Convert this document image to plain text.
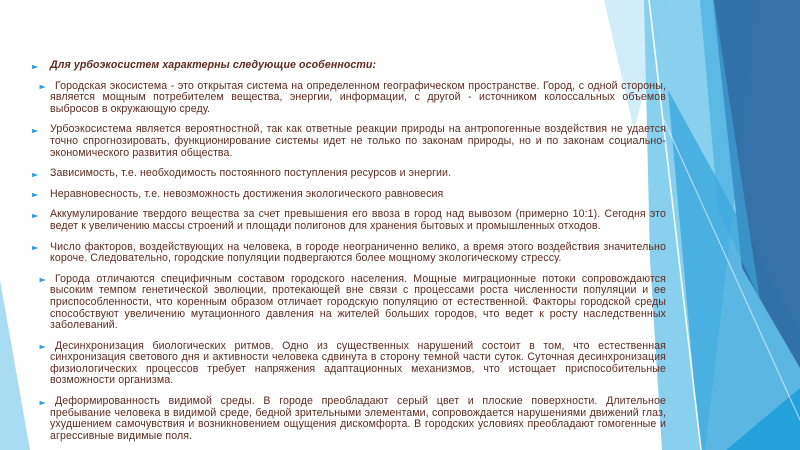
► Для урбоэкосистем характерны следующие особенности:
► Городская экосистема - это открытая система на определенном географическом пространстве. Город, с одной стороны, является мощным потребителем вещества, энергии, информации, с другой - источником колоссальных объемов выбросов в окружающую среду.
► Урбоэкосистема является вероятностной, так как ответные реакции природы на антропогенные воздействия не удается точно спрогнозировать, функционирование системы идет не только по законам природы, но и по законам социально-экономического развития общества.
► Зависимость, т.е. необходимость постоянного поступления ресурсов и энергии.
► Неравновесность, т.е. невозможность достижения экологического равновесия
► Аккумулирование твердого вещества за счет превышения его ввоза в город над вывозом (примерно 10:1). Сегодня это ведет к увеличению массы строений и площади полигонов для хранения бытовых и промышленных отходов.
► Число факторов, воздействующих на человека, в городе неограниченно велико, а время этого воздействия значительно короче. Следовательно, городские популяции подвергаются более мощному экологическому стрессу.
► Города отличаются специфичным составом городского населения. Мощные миграционные потоки сопровождаются высоким темпом генетической эволюции, протекающей вне связи с процессами роста численности популяции и ее приспособленности, что коренным образом отличает городскую популяцию от естественной. Факторы городской среды способствуют увеличению мутационного давления на жителей больших городов, что ведет к росту наследственных заболеваний.
► Десинхронизация биологических ритмов. Одно из существенных нарушений состоит в том, что естественная синхронизация светового дня и активности человека сдвинута в сторону темной части суток. Суточная десинхронизация физиологических процессов требует напряжения адаптационных механизмов, что истощает приспособительные возможности организма.
► Деформированность видимой среды. В городе преобладают серый цвет и плоские поверхности. Длительное пребывание человека в видимой среде, бедной зрительными элементами, сопровождается нарушениями движений глаз, ухудшением самочувствия и возникновением ощущения дискомфорта. В городских условиях преобладают гомогенные и агрессивные видимые поля.
